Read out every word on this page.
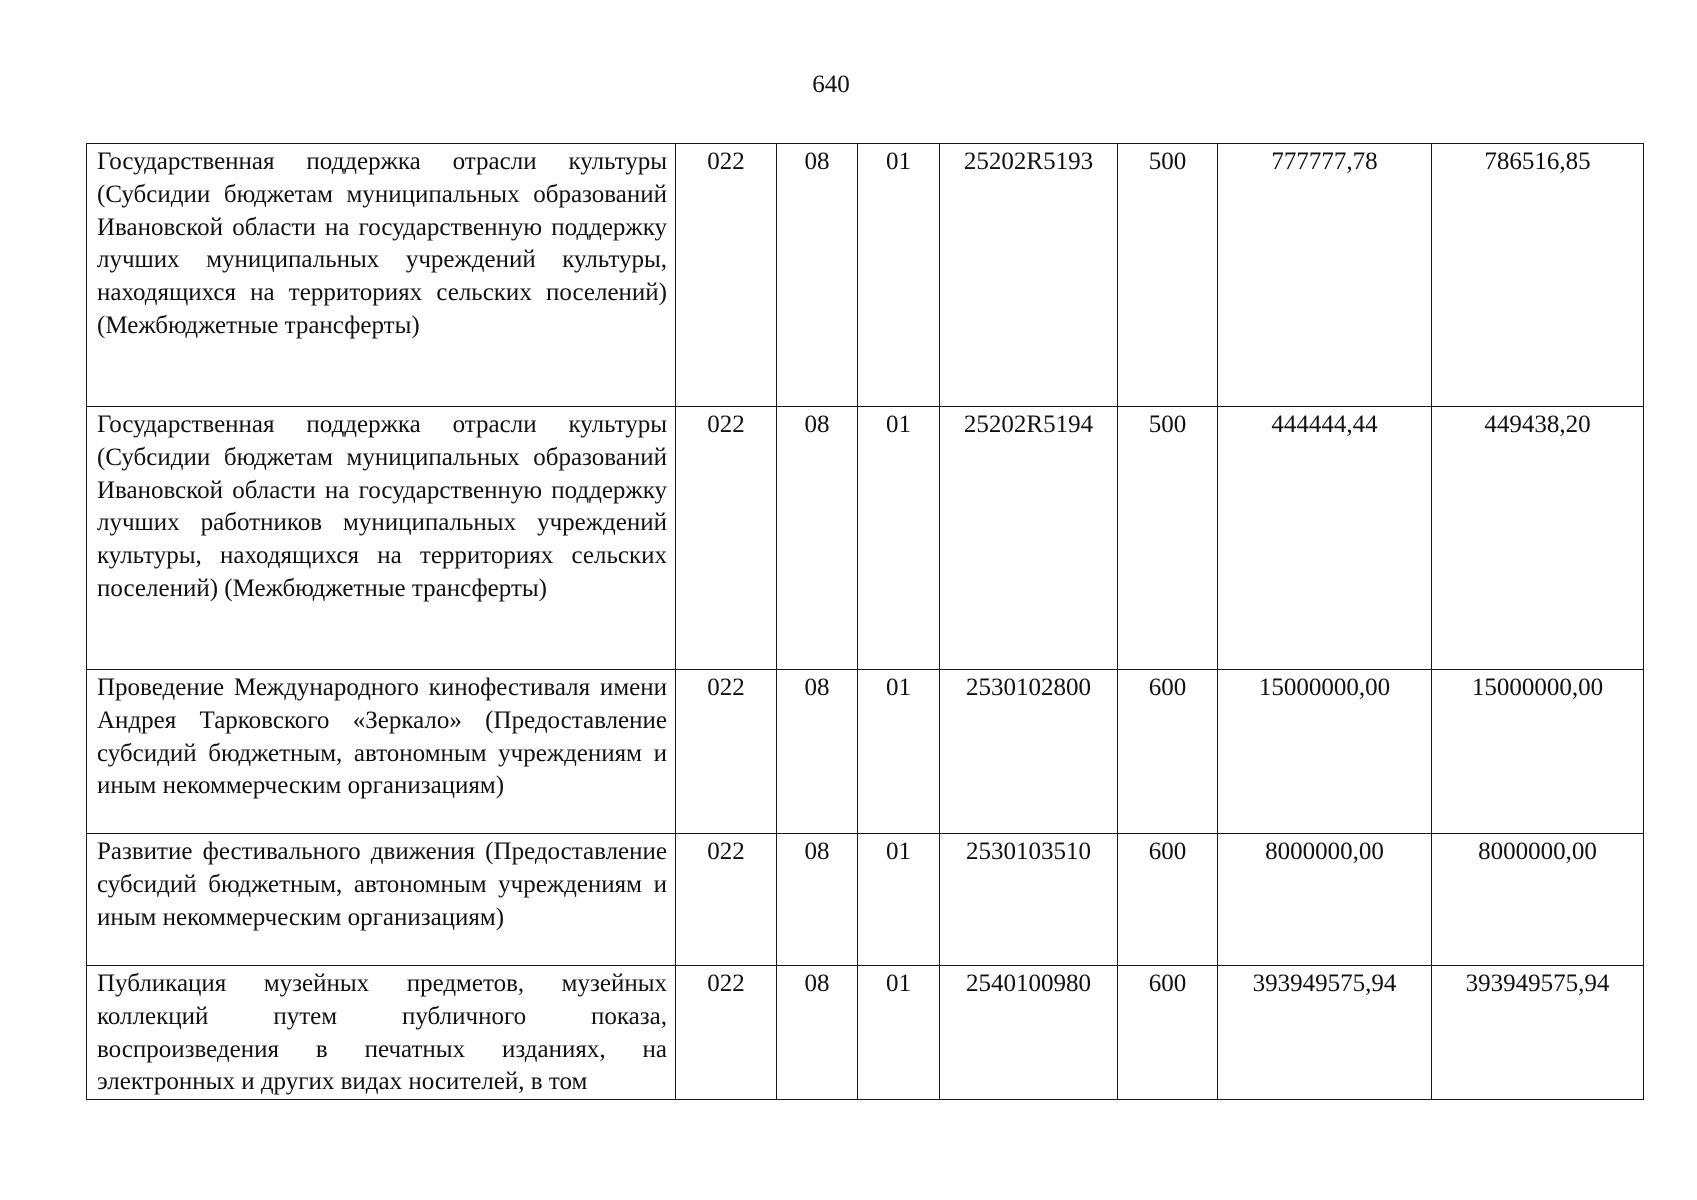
640
Государственная поддержка отрасли культуры (Субсидии бюджетам муниципальных образований Ивановской области на государственную поддержку лучших муниципальных учреждений культуры, находящихся на территориях сельских поселений) (Межбюджетные трансферты)	022	08	01	25202R5193	500	777777,78	786516,85
Государственная поддержка отрасли культуры (Субсидии бюджетам муниципальных образований Ивановской области на государственную поддержку лучших работников муниципальных учреждений культуры, находящихся на территориях сельских поселений) (Межбюджетные трансферты)	022	08	01	25202R5194	500	444444,44	449438,20
Проведение Международного кинофестиваля имени Андрея Тарковского «Зеркало» (Предоставление субсидий бюджетным, автономным учреждениям и иным некоммерческим организациям)	022	08	01	2530102800	600	15000000,00	15000000,00
Развитие фестивального движения (Предоставление субсидий бюджетным, автономным учреждениям и иным некоммерческим организациям)	022	08	01	2530103510	600	8000000,00	8000000,00
Публикация музейных предметов, музейных коллекций путем публичного показа, воспроизведения в печатных изданиях, на электронных и других видах носителей, в том	022	08	01	2540100980	600	393949575,94	393949575,94
